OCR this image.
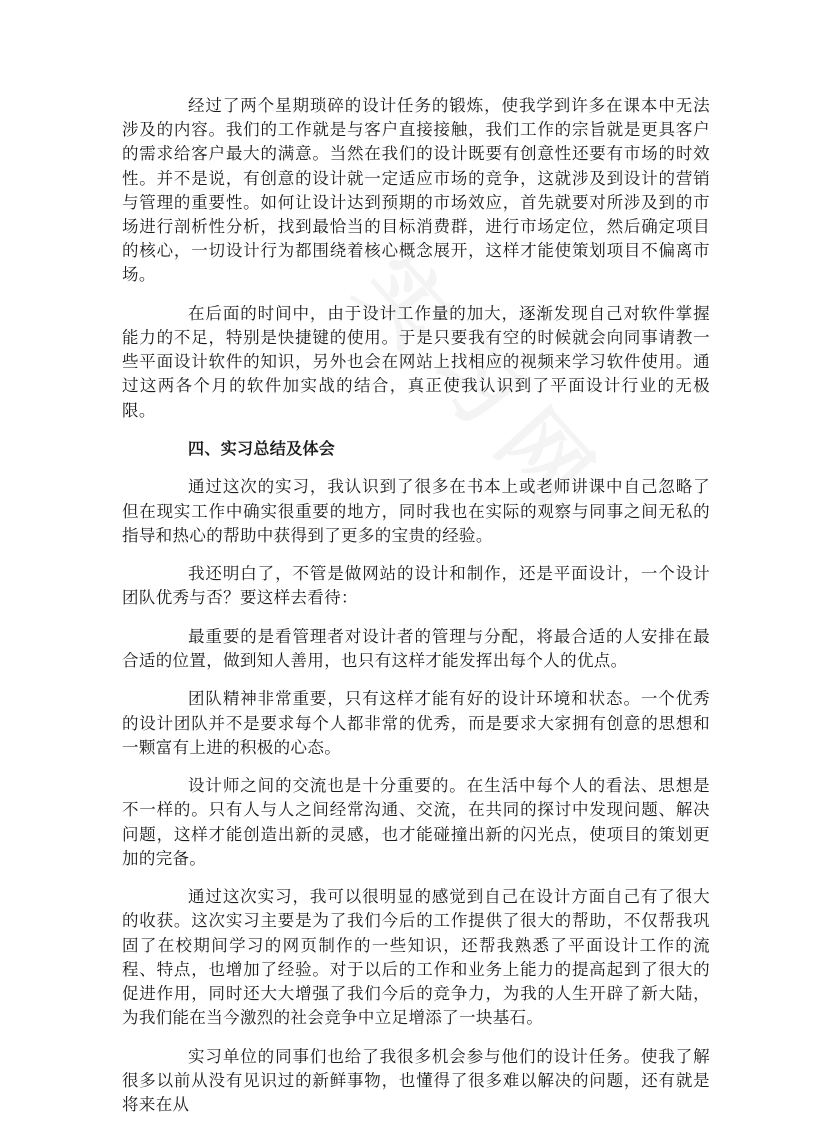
经过了两个星期琐碎的设计任务的锻炼，使我学到许多在课本中无法涉及的内容。我们的工作就是与客户直接接触，我们工作的宗旨就是更具客户的需求给客户最大的满意。当然在我们的设计既要有创意性还要有市场的时效性。并不是说，有创意的设计就一定适应市场的竞争，这就涉及到设计的营销与管理的重要性。如何让设计达到预期的市场效应，首先就要对所涉及到的市场进行剖析性分析，找到最恰当的目标消费群，进行市场定位，然后确定项目的核心，一切设计行为都围绕着核心概念展开，这样才能使策划项目不偏离市场。

在后面的时间中，由于设计工作量的加大，逐渐发现自己对软件掌握能力的不足，特别是快捷键的使用。于是只要我有空的时候就会向同事请教一些平面设计软件的知识，另外也会在网站上找相应的视频来学习软件使用。通过这两各个月的软件加实战的结合，真正使我认识到了平面设计行业的无极限。

四、实习总结及体会

通过这次的实习，我认识到了很多在书本上或老师讲课中自己忽略了但在现实工作中确实很重要的地方，同时我也在实际的观察与同事之间无私的指导和热心的帮助中获得到了更多的宝贵的经验。

我还明白了，不管是做网站的设计和制作，还是平面设计，一个设计团队优秀与否？要这样去看待：

最重要的是看管理者对设计者的管理与分配，将最合适的人安排在最合适的位置，做到知人善用，也只有这样才能发挥出每个人的优点。

团队精神非常重要，只有这样才能有好的设计环境和状态。一个优秀的设计团队并不是要求每个人都非常的优秀，而是要求大家拥有创意的思想和一颗富有上进的积极的心态。

设计师之间的交流也是十分重要的。在生活中每个人的看法、思想是不一样的。只有人与人之间经常沟通、交流，在共同的探讨中发现问题、解决问题，这样才能创造出新的灵感，也才能碰撞出新的闪光点，使项目的策划更加的完备。

通过这次实习，我可以很明显的感觉到自己在设计方面自己有了很大的收获。这次实习主要是为了我们今后的工作提供了很大的帮助，不仅帮我巩固了在校期间学习的网页制作的一些知识，还帮我熟悉了平面设计工作的流程、特点，也增加了经验。对于以后的工作和业务上能力的提高起到了很大的促进作用，同时还大大增强了我们今后的竞争力，为我的人生开辟了新大陆，为我们能在当今激烈的社会竞争中立足增添了一块基石。

实习单位的同事们也给了我很多机会参与他们的设计任务。使我了解很多以前从没有见识过的新鲜事物，也懂得了很多难以解决的问题，还有就是将来在从
